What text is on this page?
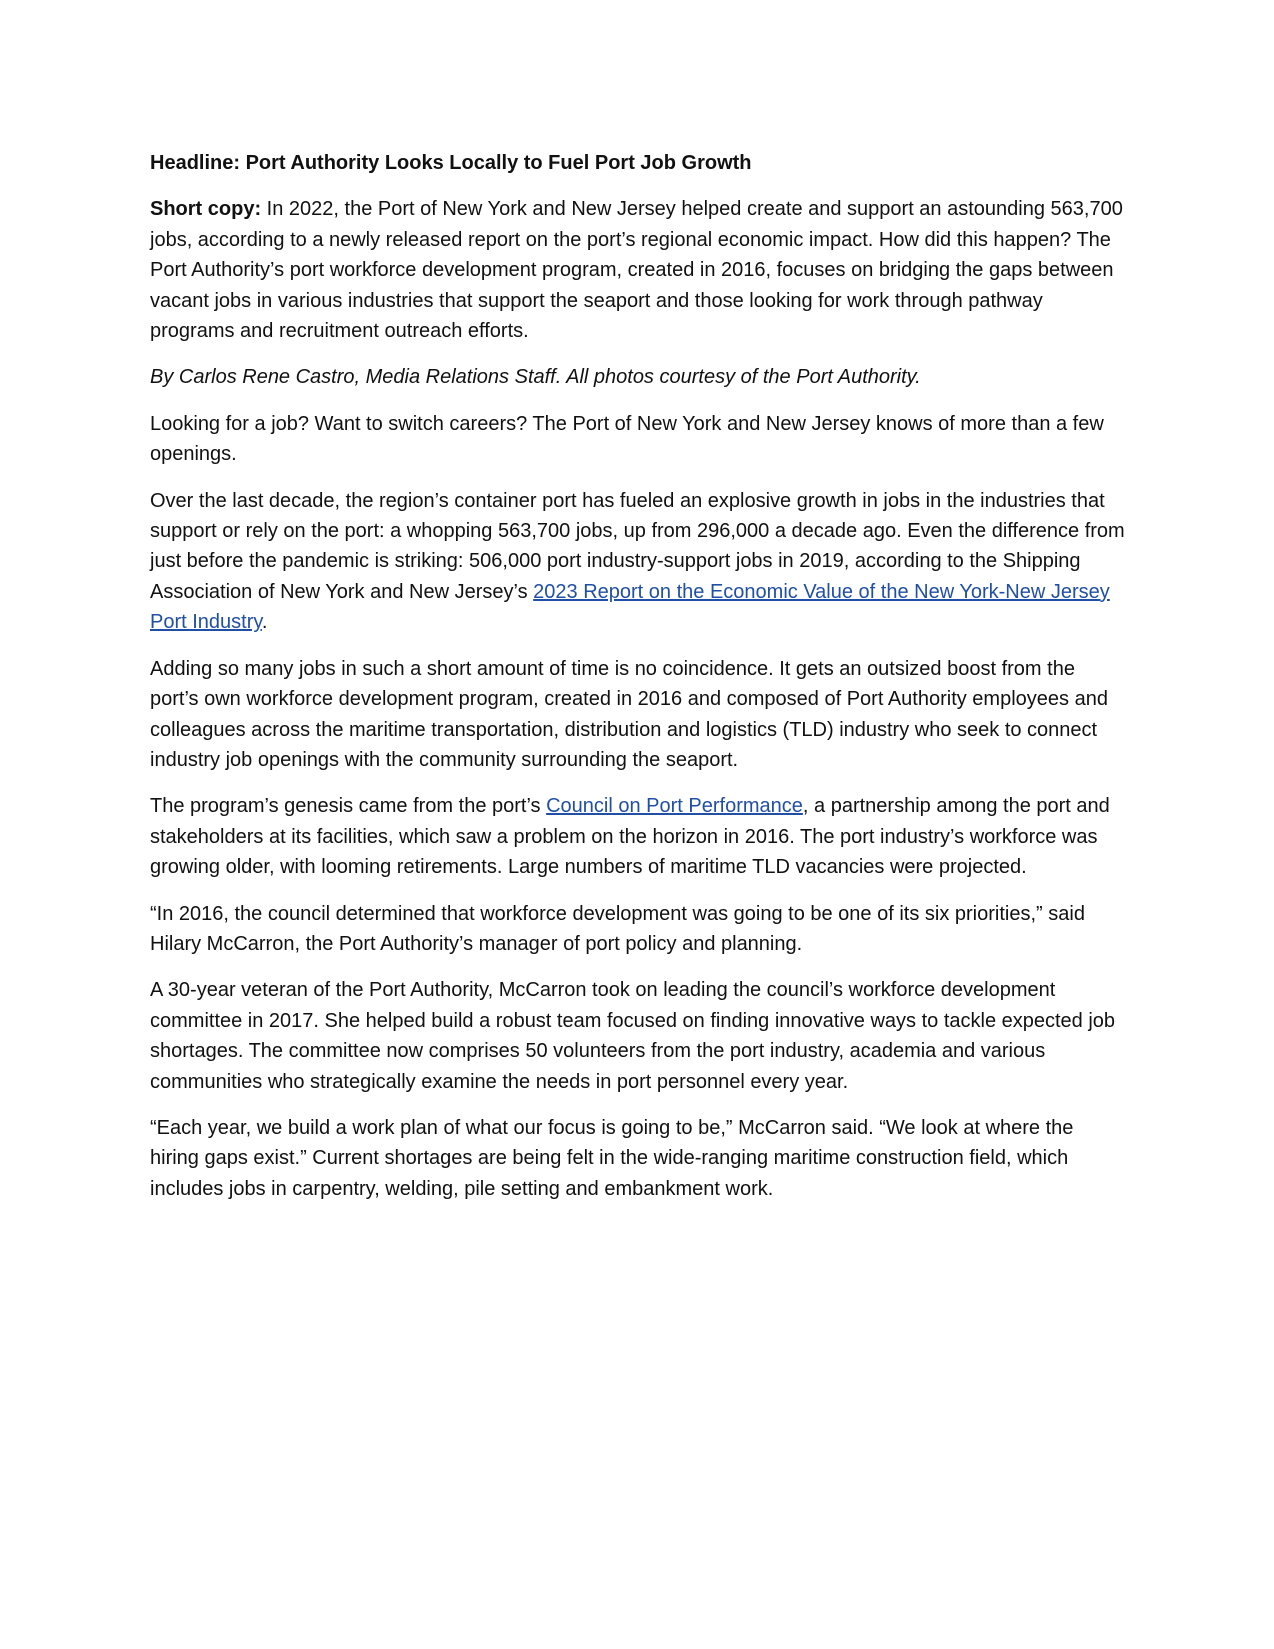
Headline: Port Authority Looks Locally to Fuel Port Job Growth

Short copy: In 2022, the Port of New York and New Jersey helped create and support an astounding 563,700 jobs, according to a newly released report on the port’s regional economic impact. How did this happen? The Port Authority’s port workforce development program, created in 2016, focuses on bridging the gaps between vacant jobs in various industries that support the seaport and those looking for work through pathway programs and recruitment outreach efforts.

By Carlos Rene Castro, Media Relations Staff. All photos courtesy of the Port Authority.

Looking for a job? Want to switch careers? The Port of New York and New Jersey knows of more than a few openings.

Over the last decade, the region’s container port has fueled an explosive growth in jobs in the industries that support or rely on the port: a whopping 563,700 jobs, up from 296,000 a decade ago. Even the difference from just before the pandemic is striking: 506,000 port industry-support jobs in 2019, according to the Shipping Association of New York and New Jersey’s 2023 Report on the Economic Value of the New York-New Jersey Port Industry.

Adding so many jobs in such a short amount of time is no coincidence. It gets an outsized boost from the port’s own workforce development program, created in 2016 and composed of Port Authority employees and colleagues across the maritime transportation, distribution and logistics (TLD) industry who seek to connect industry job openings with the community surrounding the seaport.

The program’s genesis came from the port’s Council on Port Performance, a partnership among the port and stakeholders at its facilities, which saw a problem on the horizon in 2016. The port industry’s workforce was growing older, with looming retirements. Large numbers of maritime TLD vacancies were projected.

“In 2016, the council determined that workforce development was going to be one of its six priorities,” said Hilary McCarron, the Port Authority’s manager of port policy and planning.

A 30-year veteran of the Port Authority, McCarron took on leading the council’s workforce development committee in 2017. She helped build a robust team focused on finding innovative ways to tackle expected job shortages. The committee now comprises 50 volunteers from the port industry, academia and various communities who strategically examine the needs in port personnel every year.

“Each year, we build a work plan of what our focus is going to be,” McCarron said. “We look at where the hiring gaps exist.” Current shortages are being felt in the wide-ranging maritime construction field, which includes jobs in carpentry, welding, pile setting and embankment work.
